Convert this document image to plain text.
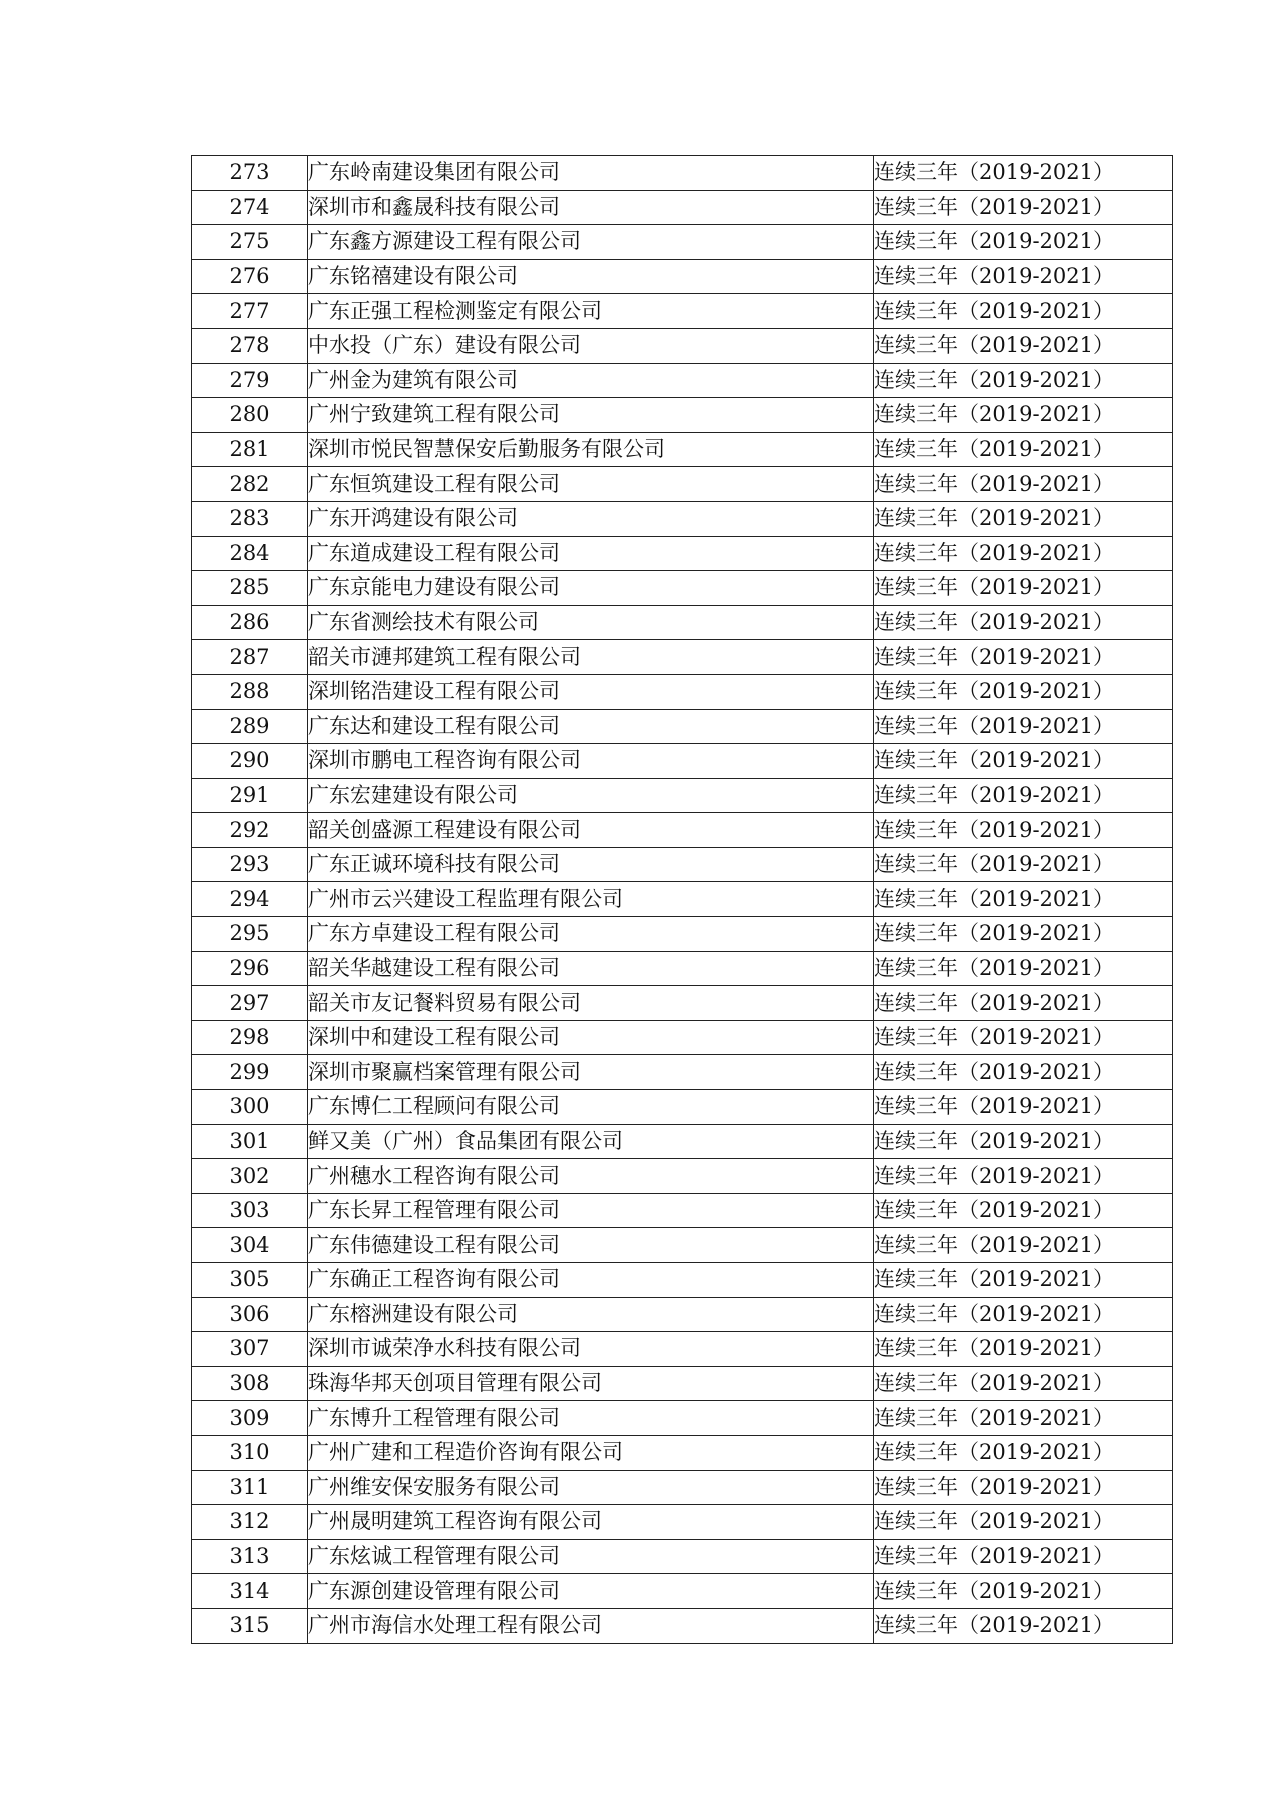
273	广东岭南建设集团有限公司	连续三年（2019-2021）
274	深圳市和鑫晟科技有限公司	连续三年（2019-2021）
275	广东鑫方源建设工程有限公司	连续三年（2019-2021）
276	广东铭禧建设有限公司	连续三年（2019-2021）
277	广东正强工程检测鉴定有限公司	连续三年（2019-2021）
278	中水投（广东）建设有限公司	连续三年（2019-2021）
279	广州金为建筑有限公司	连续三年（2019-2021）
280	广州宁致建筑工程有限公司	连续三年（2019-2021）
281	深圳市悦民智慧保安后勤服务有限公司	连续三年（2019-2021）
282	广东恒筑建设工程有限公司	连续三年（2019-2021）
283	广东开鸿建设有限公司	连续三年（2019-2021）
284	广东道成建设工程有限公司	连续三年（2019-2021）
285	广东京能电力建设有限公司	连续三年（2019-2021）
286	广东省测绘技术有限公司	连续三年（2019-2021）
287	韶关市漣邦建筑工程有限公司	连续三年（2019-2021）
288	深圳铭浩建设工程有限公司	连续三年（2019-2021）
289	广东达和建设工程有限公司	连续三年（2019-2021）
290	深圳市鹏电工程咨询有限公司	连续三年（2019-2021）
291	广东宏建建设有限公司	连续三年（2019-2021）
292	韶关创盛源工程建设有限公司	连续三年（2019-2021）
293	广东正诚环境科技有限公司	连续三年（2019-2021）
294	广州市云兴建设工程监理有限公司	连续三年（2019-2021）
295	广东方卓建设工程有限公司	连续三年（2019-2021）
296	韶关华越建设工程有限公司	连续三年（2019-2021）
297	韶关市友记餐料贸易有限公司	连续三年（2019-2021）
298	深圳中和建设工程有限公司	连续三年（2019-2021）
299	深圳市聚赢档案管理有限公司	连续三年（2019-2021）
300	广东博仁工程顾问有限公司	连续三年（2019-2021）
301	鲜又美（广州）食品集团有限公司	连续三年（2019-2021）
302	广州穗水工程咨询有限公司	连续三年（2019-2021）
303	广东长昇工程管理有限公司	连续三年（2019-2021）
304	广东伟德建设工程有限公司	连续三年（2019-2021）
305	广东确正工程咨询有限公司	连续三年（2019-2021）
306	广东榕洲建设有限公司	连续三年（2019-2021）
307	深圳市诚荣净水科技有限公司	连续三年（2019-2021）
308	珠海华邦天创项目管理有限公司	连续三年（2019-2021）
309	广东博升工程管理有限公司	连续三年（2019-2021）
310	广州广建和工程造价咨询有限公司	连续三年（2019-2021）
311	广州维安保安服务有限公司	连续三年（2019-2021）
312	广州晟明建筑工程咨询有限公司	连续三年（2019-2021）
313	广东炫诚工程管理有限公司	连续三年（2019-2021）
314	广东源创建设管理有限公司	连续三年（2019-2021）
315	广州市海信水处理工程有限公司	连续三年（2019-2021）
